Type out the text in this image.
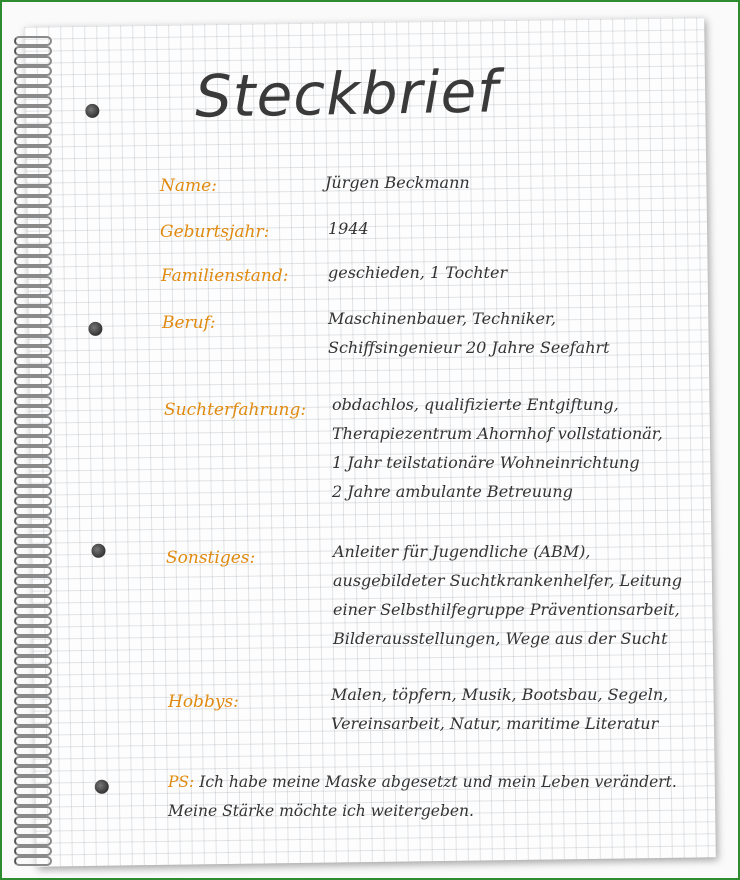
Steckbrief
Name:	Jürgen Beckmann
Geburtsjahr:	1944
Familienstand: geschieden, 1 Tochter
Beruf:	Maschinenbauer, Techniker,
Schiffsingenieur 20 Jahre Seefahrt
Suchterfahrung: obdachlos, qualifizierte Entgiftung,
Therapiezentrum Ahornhof vollstationär,
1 Jahr teilstationäre Wohneinrichtung
2 Jahre ambulante Betreuung
Sonstiges:	Anleiter für Jugendliche (ABM),
ausgebildeter Suchtkrankenhelfer, Leitung
einer Selbsthilfegruppe Präventionsarbeit,
Bilderausstellungen, Wege aus der Sucht
Hobbys:	Malen, töpfern, Musik, Bootsbau, Segeln,
Vereinsarbeit, Natur, maritime Literatur
PS: Ich habe meine Maske abgesetzt und mein Leben verändert.
Meine Stärke möchte ich weitergeben.
